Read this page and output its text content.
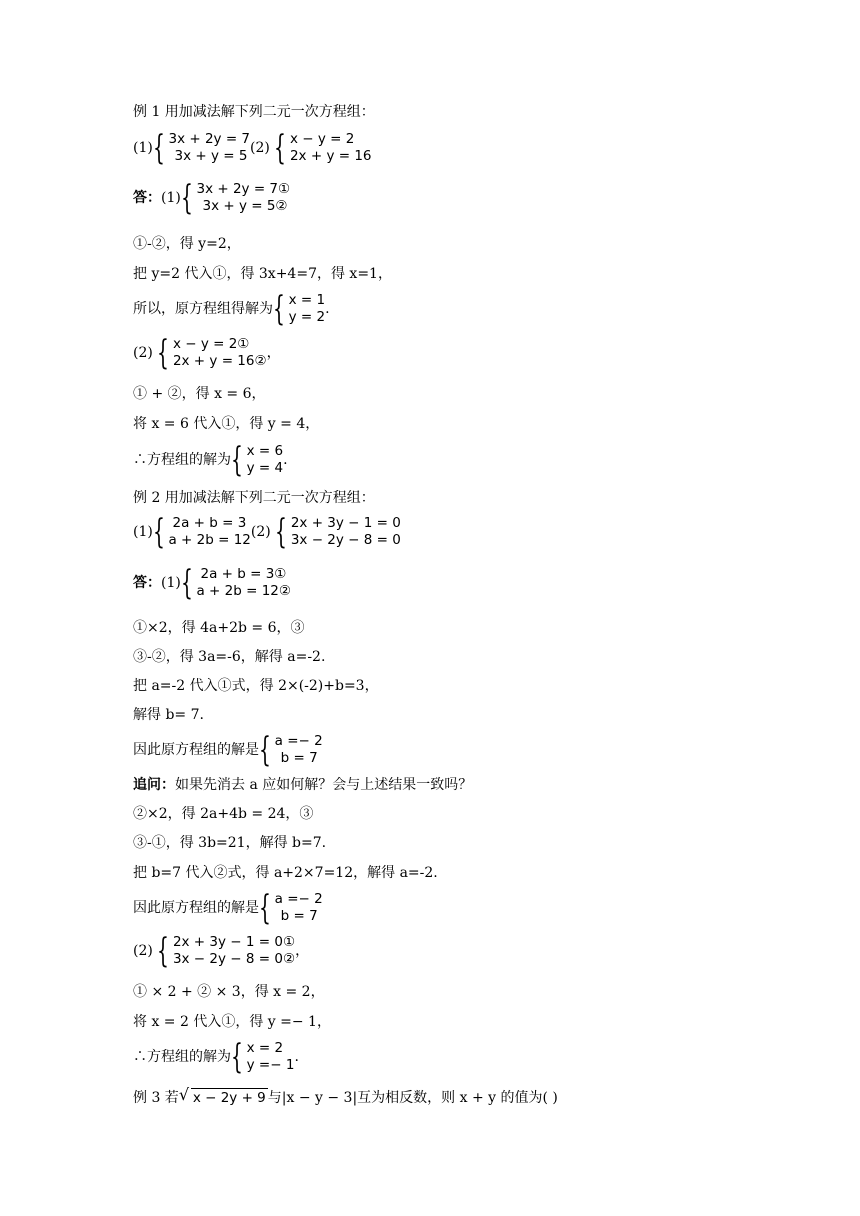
例 1 用加减法解下列二元一次方程组：
(1){ 3x + 2y = 7
3x + y = 5 (2) { x − y = 2
2x + y = 16
答：(1){ 3x + 2y = 7①
3x + y = 5②
①-②，得 y=2，
把 y=2 代入①，得 3x+4=7，得 x=1，
所以，原方程组得解为{ x = 1
y = 2 .
(2) { x − y = 2①
2x + y = 16② ，
① + ②，得 x = 6，
将 x = 6 代入①，得 y = 4，
∴方程组的解为{ x = 6
y = 4 .
例 2 用加减法解下列二元一次方程组：
(1){ 2a + b = 3
a + 2b = 12 (2) { 2x + 3y − 1 = 0
3x − 2y − 8 = 0
答：(1){ 2a + b = 3①
a + 2b = 12②
①×2，得 4a+2b = 6，③
③-②，得 3a=-6，解得 a=-2.
把 a=-2 代入①式，得 2×(-2)+b=3，
解得 b= 7.
因此原方程组的解是{ a =− 2
b = 7
追问：如果先消去 a 应如何解？会与上述结果一致吗？
②×2，得 2a+4b = 24，③
③-①，得 3b=21，解得 b=7.
把 b=7 代入②式，得 a+2×7=12，解得 a=-2.
因此原方程组的解是{ a =− 2
b = 7
(2) { 2x + 3y − 1 = 0①
3x − 2y − 8 = 0② ，
① × 2 + ② × 3，得 x = 2，
将 x = 2 代入①，得 y =− 1，
∴方程组的解为{ x = 2
y =− 1 .
例 3 若√ x − 2y + 9 与|x − y − 3|互为相反数，则 x + y 的值为( )
